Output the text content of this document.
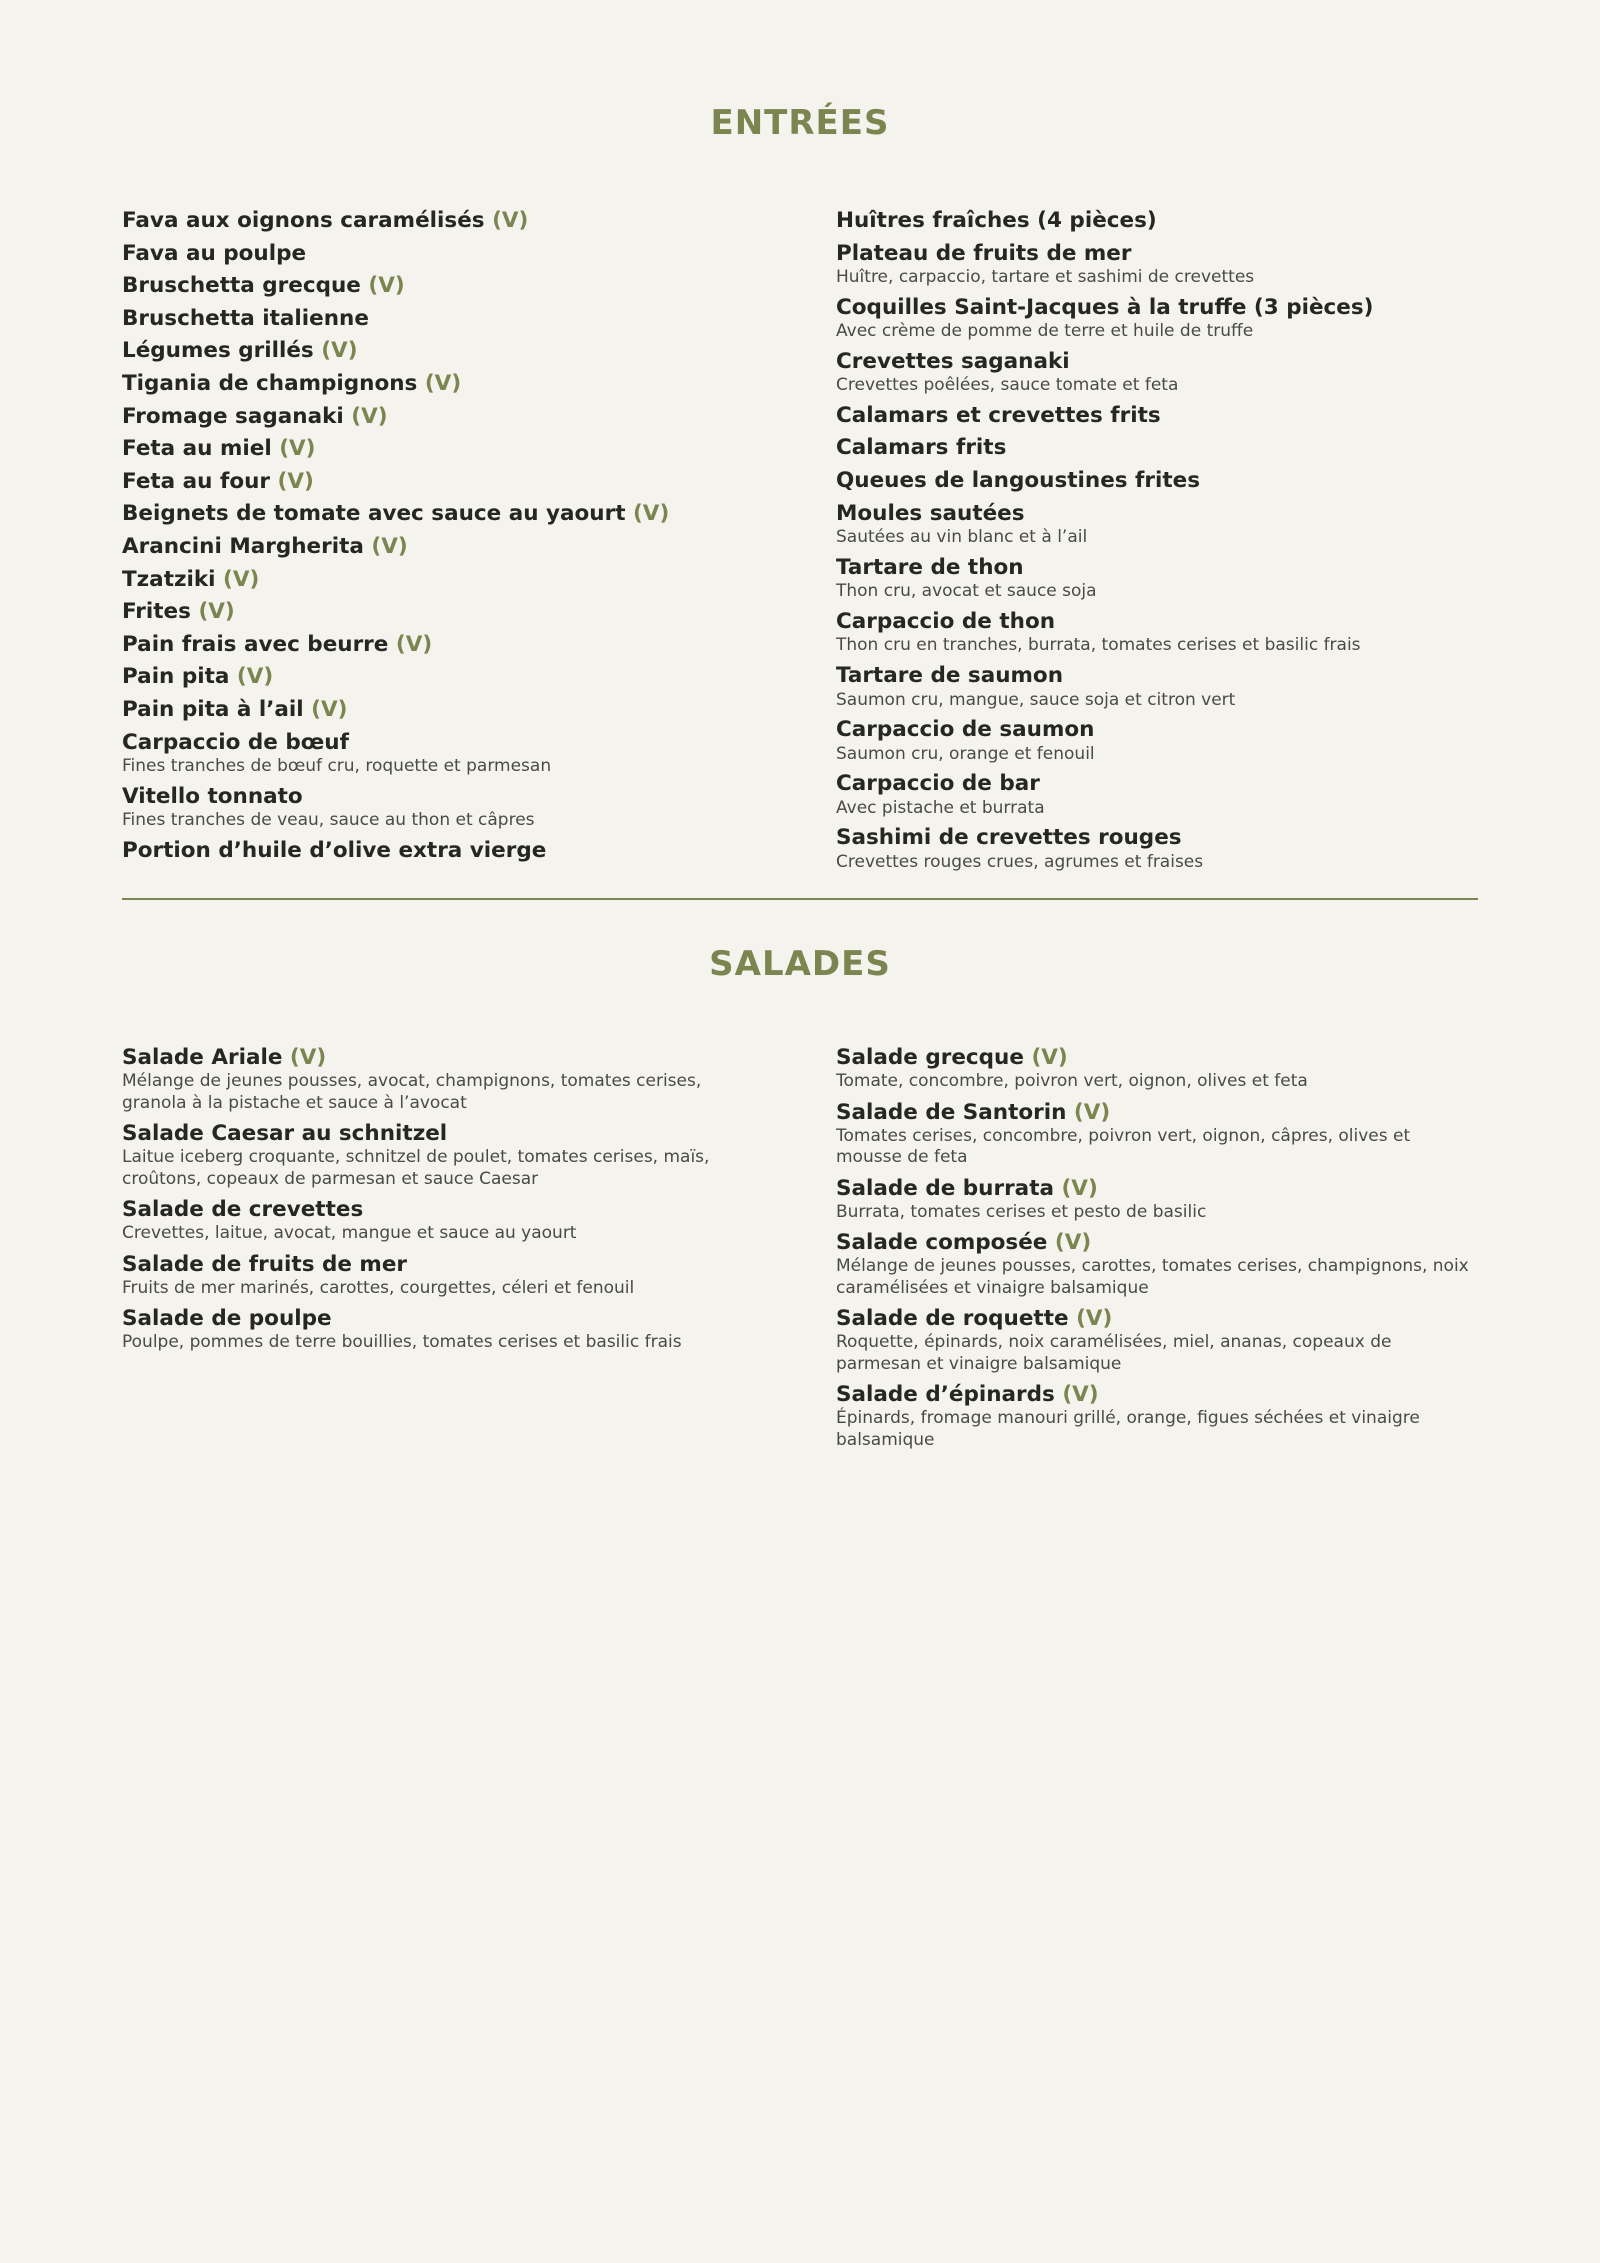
ENTRÉES
Fava aux oignons caramélisés (V)
Fava au poulpe
Bruschetta grecque (V)
Bruschetta italienne
Légumes grillés (V)
Tigania de champignons (V)
Fromage saganaki (V)
Feta au miel (V)
Feta au four (V)
Beignets de tomate avec sauce au yaourt (V)
Arancini Margherita (V)
Tzatziki (V)
Frites (V)
Pain frais avec beurre (V)
Pain pita (V)
Pain pita à l’ail (V)
Carpaccio de bœuf
Fines tranches de bœuf cru, roquette et parmesan
Vitello tonnato
Fines tranches de veau, sauce au thon et câpres
Portion d’huile d’olive extra vierge
Huîtres fraîches (4 pièces)
Plateau de fruits de mer
Huître, carpaccio, tartare et sashimi de crevettes
Coquilles Saint-Jacques à la truffe (3 pièces)
Avec crème de pomme de terre et huile de truffe
Crevettes saganaki
Crevettes poêlées, sauce tomate et feta
Calamars et crevettes frits
Calamars frits
Queues de langoustines frites
Moules sautées
Sautées au vin blanc et à l’ail
Tartare de thon
Thon cru, avocat et sauce soja
Carpaccio de thon
Thon cru en tranches, burrata, tomates cerises et basilic frais
Tartare de saumon
Saumon cru, mangue, sauce soja et citron vert
Carpaccio de saumon
Saumon cru, orange et fenouil
Carpaccio de bar
Avec pistache et burrata
Sashimi de crevettes rouges
Crevettes rouges crues, agrumes et fraises
SALADES
Salade Ariale (V)
Mélange de jeunes pousses, avocat, champignons, tomates cerises, granola à la pistache et sauce à l’avocat
Salade Caesar au schnitzel
Laitue iceberg croquante, schnitzel de poulet, tomates cerises, maïs, croûtons, copeaux de parmesan et sauce Caesar
Salade de crevettes
Crevettes, laitue, avocat, mangue et sauce au yaourt
Salade de fruits de mer
Fruits de mer marinés, carottes, courgettes, céleri et fenouil
Salade de poulpe
Poulpe, pommes de terre bouillies, tomates cerises et basilic frais
Salade grecque (V)
Tomate, concombre, poivron vert, oignon, olives et feta
Salade de Santorin (V)
Tomates cerises, concombre, poivron vert, oignon, câpres, olives et mousse de feta
Salade de burrata (V)
Burrata, tomates cerises et pesto de basilic
Salade composée (V)
Mélange de jeunes pousses, carottes, tomates cerises, champignons, noix caramélisées et vinaigre balsamique
Salade de roquette (V)
Roquette, épinards, noix caramélisées, miel, ananas, copeaux de parmesan et vinaigre balsamique
Salade d’épinards (V)
Épinards, fromage manouri grillé, orange, figues séchées et vinaigre balsamique
